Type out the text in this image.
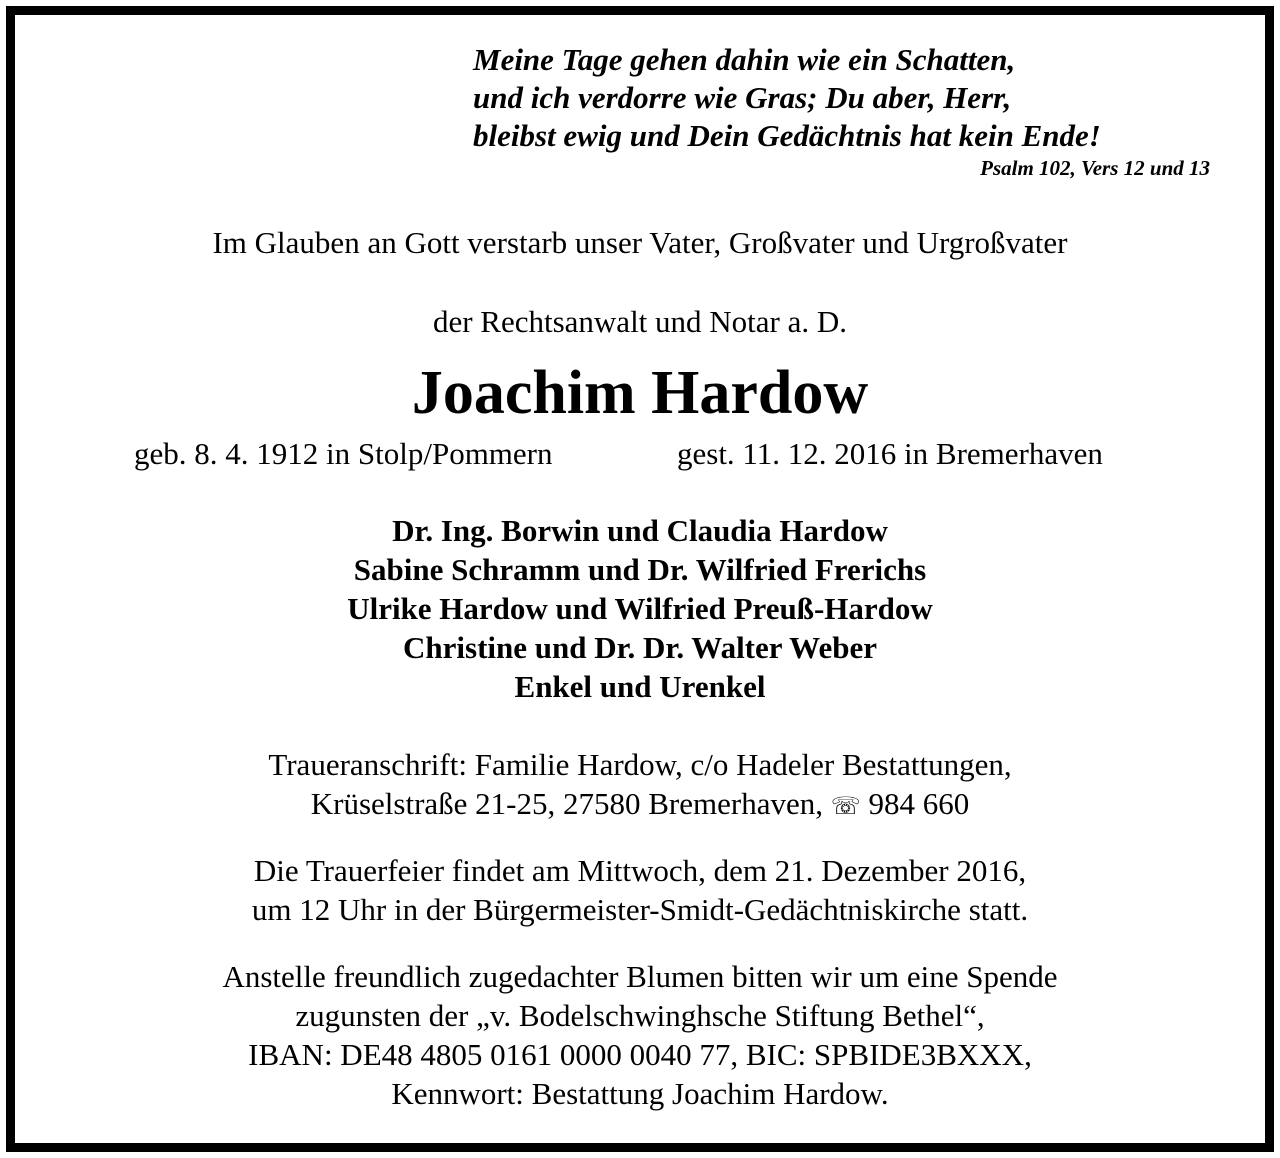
Meine Tage gehen dahin wie ein Schatten,
und ich verdorre wie Gras; Du aber, Herr,
bleibst ewig und Dein Gedächtnis hat kein Ende!
Psalm 102, Vers 12 und 13
Im Glauben an Gott verstarb unser Vater, Großvater und Urgroßvater
der Rechtsanwalt und Notar a. D.
Joachim Hardow
geb. 8. 4. 1912 in Stolp/Pommern	gest. 11. 12. 2016 in Bremerhaven
Dr. Ing. Borwin und Claudia Hardow
Sabine Schramm und Dr. Wilfried Frerichs
Ulrike Hardow und Wilfried Preuß-Hardow
Christine und Dr. Dr. Walter Weber
Enkel und Urenkel
Traueranschrift: Familie Hardow, c/o Hadeler Bestattungen,
Krüselstraße 21-25, 27580 Bremerhaven, ☏ 984 660
Die Trauerfeier findet am Mittwoch, dem 21. Dezember 2016,
um 12 Uhr in der Bürgermeister-Smidt-Gedächtniskirche statt.
Anstelle freundlich zugedachter Blumen bitten wir um eine Spende
zugunsten der „v. Bodelschwinghsche Stiftung Bethel“,
IBAN: DE48 4805 0161 0000 0040 77, BIC: SPBIDE3BXXX,
Kennwort: Bestattung Joachim Hardow.
